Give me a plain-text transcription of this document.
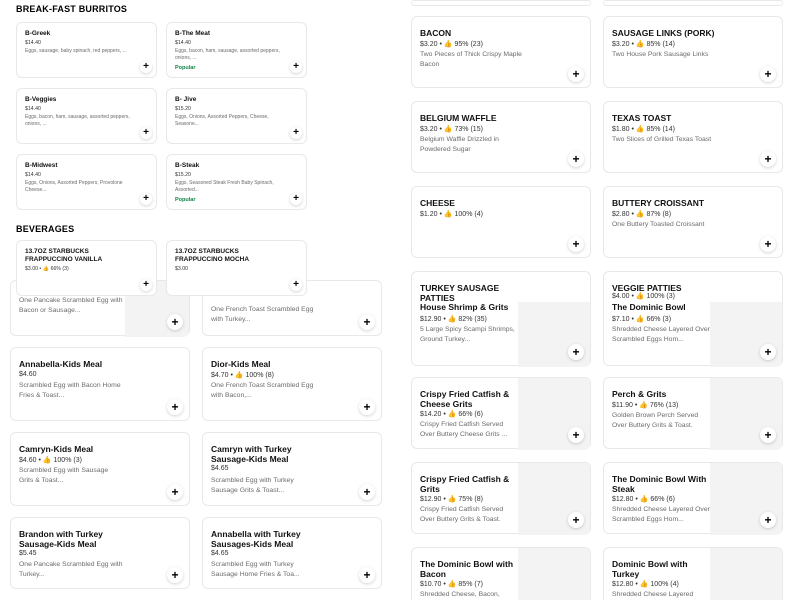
BREAK-FAST BURRITOS
B-Greek
$14.40
Eggs, sausage, baby spinach, red peppers, ...
+
B-The Meat
$14.40
Eggs, bacon, ham, sausage, assorted peppers, onions, ...
Popular	+
B-Veggies
$14.40
Eggs, bacon, ham, sausage, assorted peppers, onions, ...
+
B- Jive
$15.20
Eggs, Onions, Assorted Peppers, Cheese, Seasone...
+
B-Midwest
$14.40
Eggs, Onions, Assorted Peppers, Provolone Cheese...
+
B-Steak
$15.20
Eggs, Seasoned Steak Fresh Baby Spinach, Assorted...
Popular	+
BEVERAGES
13.7OZ STARBUCKS FRAPPUCCINO VANILLA
$3.00 • 👍 66% (3)
+
13.7OZ STARBUCKS FRAPPUCCINO MOCHA
$3.00
+
One Pancake Scrambled Egg with Bacon or Sausage...
+
One French Toast Scrambled Egg with Turkey...	+
Annabella-Kids Meal
$4.60
Scrambled Egg with Bacon Home Fries & Toast...
+
Dior-Kids Meal
$4.70 • 👍 100% (8)
One French Toast Scrambled Egg with Bacon,...
+
Camryn-Kids Meal
$4.60 • 👍 100% (3)
Scrambled Egg with Sausage Grits & Toast...
+
Camryn with Turkey Sausage-Kids Meal
$4.65
Scrambled Egg with Turkey Sausage Grits & Toast...	+
Brandon with Turkey Sausage-Kids Meal
$5.45
One Pancake Scrambled Egg with Turkey...	+
Annabella with Turkey Sausages-Kids Meal
$4.65
Scrambled Egg with Turkey Sausage Home Fries & Toa...	+
BACON
$3.20 • 👍 95% (23)
Two Pieces of Thick Crispy Maple Bacon
+
SAUSAGE LINKS (PORK)
$3.20 • 👍 85% (14)
Two House Pork Sausage Links
+
BELGIUM WAFFLE
$3.20 • 👍 73% (15)
Belgium Waffle Drizzled in Powdered Sugar
+
TEXAS TOAST
$1.80 • 👍 85% (14)
Two Slices of Grilled Texas Toast
+
CHEESE
$1.20 • 👍 100% (4)
+
BUTTERY CROISSANT
$2.80 • 👍 87% (8)
One Buttery Toasted Croissant
+
TURKEY SAUSAGE PATTIES
House Shrimp & Grits
$12.90 • 👍 82% (35)
5 Large Spicy Scampi Shrimps, Ground Turkey...
+
VEGGIE PATTIES
$4.00 • 👍 100% (3)
The Dominic Bowl
$7.10 • 👍 66% (3)
Shredded Cheese Layered Over Scrambled Eggs Hom...
+
Crispy Fried Catfish & Cheese Grits
$14.20 • 👍 66% (6)
Crispy Fried Catfish Served Over Buttery Cheese Grits ...	+
Perch & Grits
$11.90 • 👍 76% (13)
Golden Brown Perch Served Over Buttery Grits & Toast.
+
Crispy Fried Catfish & Grits
$12.90 • 👍 75% (8)
Crispy Fried Catfish Served Over Buttery Grits & Toast.	+
The Dominic Bowl With Steak
$12.80 • 👍 66% (6)
Shredded Cheese Layered Over Scrambled Eggs Hom...	+
The Dominic Bowl with Bacon
$10.70 • 👍 85% (7)
Shredded Cheese, Bacon,
Dominic Bowl with Turkey
$12.80 • 👍 100% (4)
Shredded Cheese Layered
